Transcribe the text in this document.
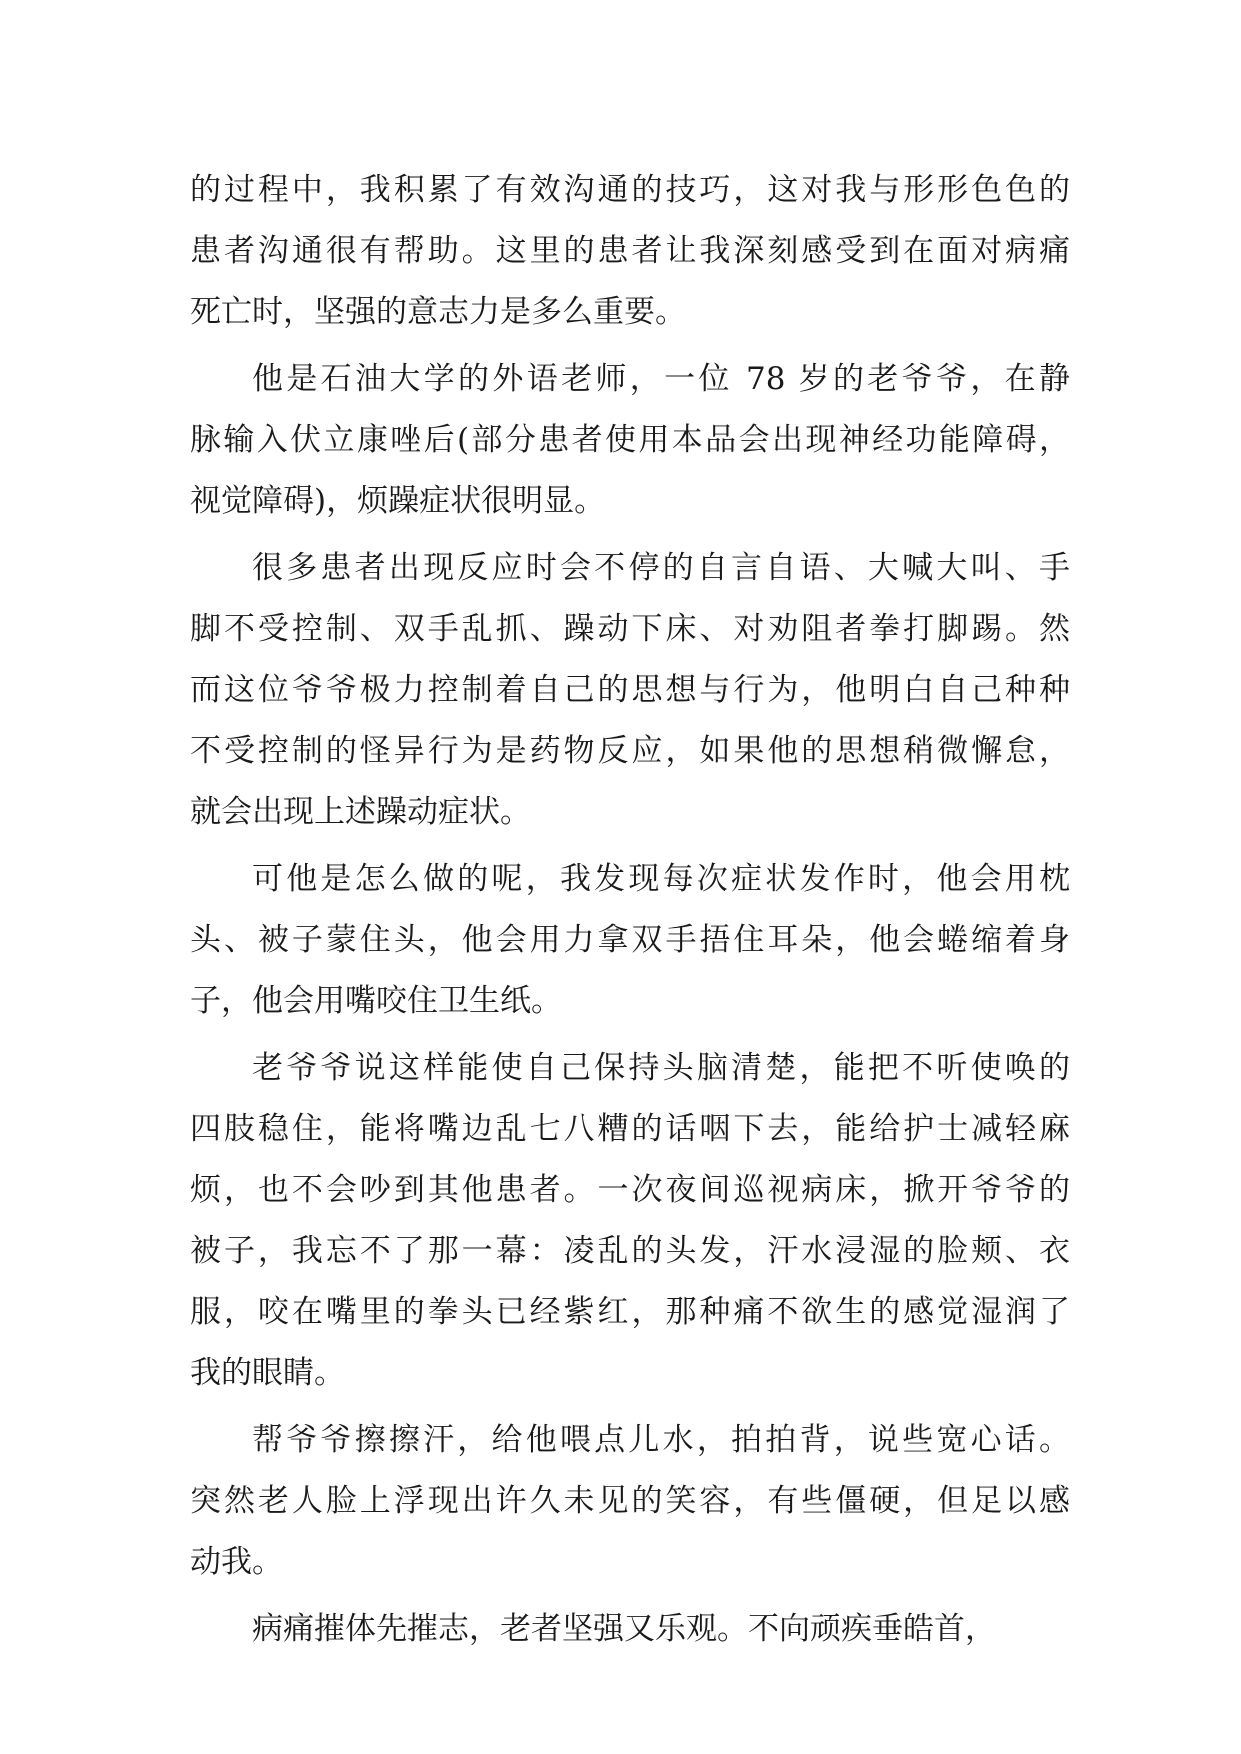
的过程中，我积累了有效沟通的技巧，这对我与形形色色的
患者沟通很有帮助。这里的患者让我深刻感受到在面对病痛
死亡时，坚强的意志力是多么重要。
他是石油大学的外语老师，一位 78 岁的老爷爷，在静
脉输入伏立康唑后(部分患者使用本品会出现神经功能障碍，
视觉障碍)，烦躁症状很明显。
很多患者出现反应时会不停的自言自语、大喊大叫、手
脚不受控制、双手乱抓、躁动下床、对劝阻者拳打脚踢。然
而这位爷爷极力控制着自己的思想与行为，他明白自己种种
不受控制的怪异行为是药物反应，如果他的思想稍微懈怠，
就会出现上述躁动症状。
可他是怎么做的呢，我发现每次症状发作时，他会用枕
头、被子蒙住头，他会用力拿双手捂住耳朵，他会蜷缩着身
子，他会用嘴咬住卫生纸。
老爷爷说这样能使自己保持头脑清楚，能把不听使唤的
四肢稳住，能将嘴边乱七八糟的话咽下去，能给护士减轻麻
烦，也不会吵到其他患者。一次夜间巡视病床，掀开爷爷的
被子，我忘不了那一幕：凌乱的头发，汗水浸湿的脸颊、衣
服，咬在嘴里的拳头已经紫红，那种痛不欲生的感觉湿润了
我的眼睛。
帮爷爷擦擦汗，给他喂点儿水，拍拍背，说些宽心话。
突然老人脸上浮现出许久未见的笑容，有些僵硬，但足以感
动我。
病痛摧体先摧志，老者坚强又乐观。不向顽疾垂皓首，
